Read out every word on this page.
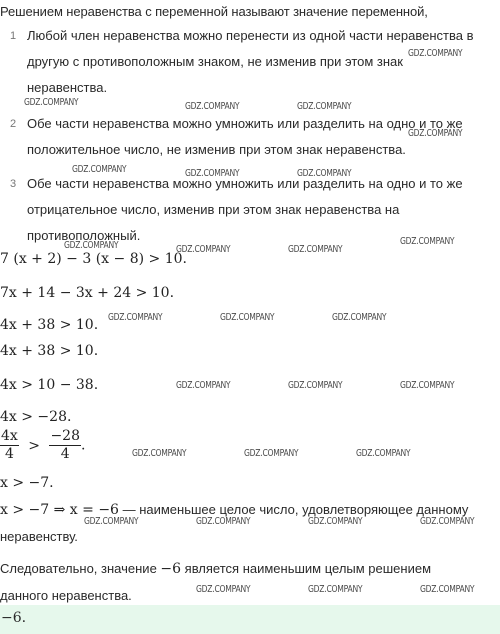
Решением неравенства с переменной называют значение переменной,
1 Любой член неравенства можно перенести из одной части неравенства в
другую с противоположным знаком, не изменив при этом знак
неравенства.
2 Обе части неравенства можно умножить или разделить на одно и то же
положительное число, не изменив при этом знак неравенства.
3 Обе части неравенства можно умножить или разделить на одно и то же
отрицательное число, изменив при этом знак неравенства на
противоположный.
7 (x + 2) − 3 (x − 8) > 10.
7x + 14 − 3x + 24 > 10.
4x + 38 > 10.
4x + 38 > 10.
4x > 10 − 38.
4x > −28.
$\frac{4x}{4} > \frac{-28}{4}$ .
x > −7.
x > −7 ⇒ x = −6 — наименьшее целое число, удовлетворяющее данному
неравенству.
Следовательно, значение −6 является наименьшим целым решением
данного неравенства.
−6.
GDZ.COMPANY
GDZ.COMPANY	GDZ.COMPANY	GDZ.COMPANY
GDZ.COMPANY
GDZ.COMPANY	GDZ.COMPANY	GDZ.COMPANY
GDZ.COMPANY	GDZ.COMPANY	GDZ.COMPANY
GDZ.COMPANY
GDZ.COMPANY	GDZ.COMPANY	GDZ.COMPANY
GDZ.COMPANY	GDZ.COMPANY	GDZ.COMPANY
GDZ.COMPANY	GDZ.COMPANY	GDZ.COMPANY
GDZ.COMPANY	GDZ.COMPANY	GDZ.COMPANY	GDZ.COMPANY
GDZ.COMPANY	GDZ.COMPANY	GDZ.COMPANY
